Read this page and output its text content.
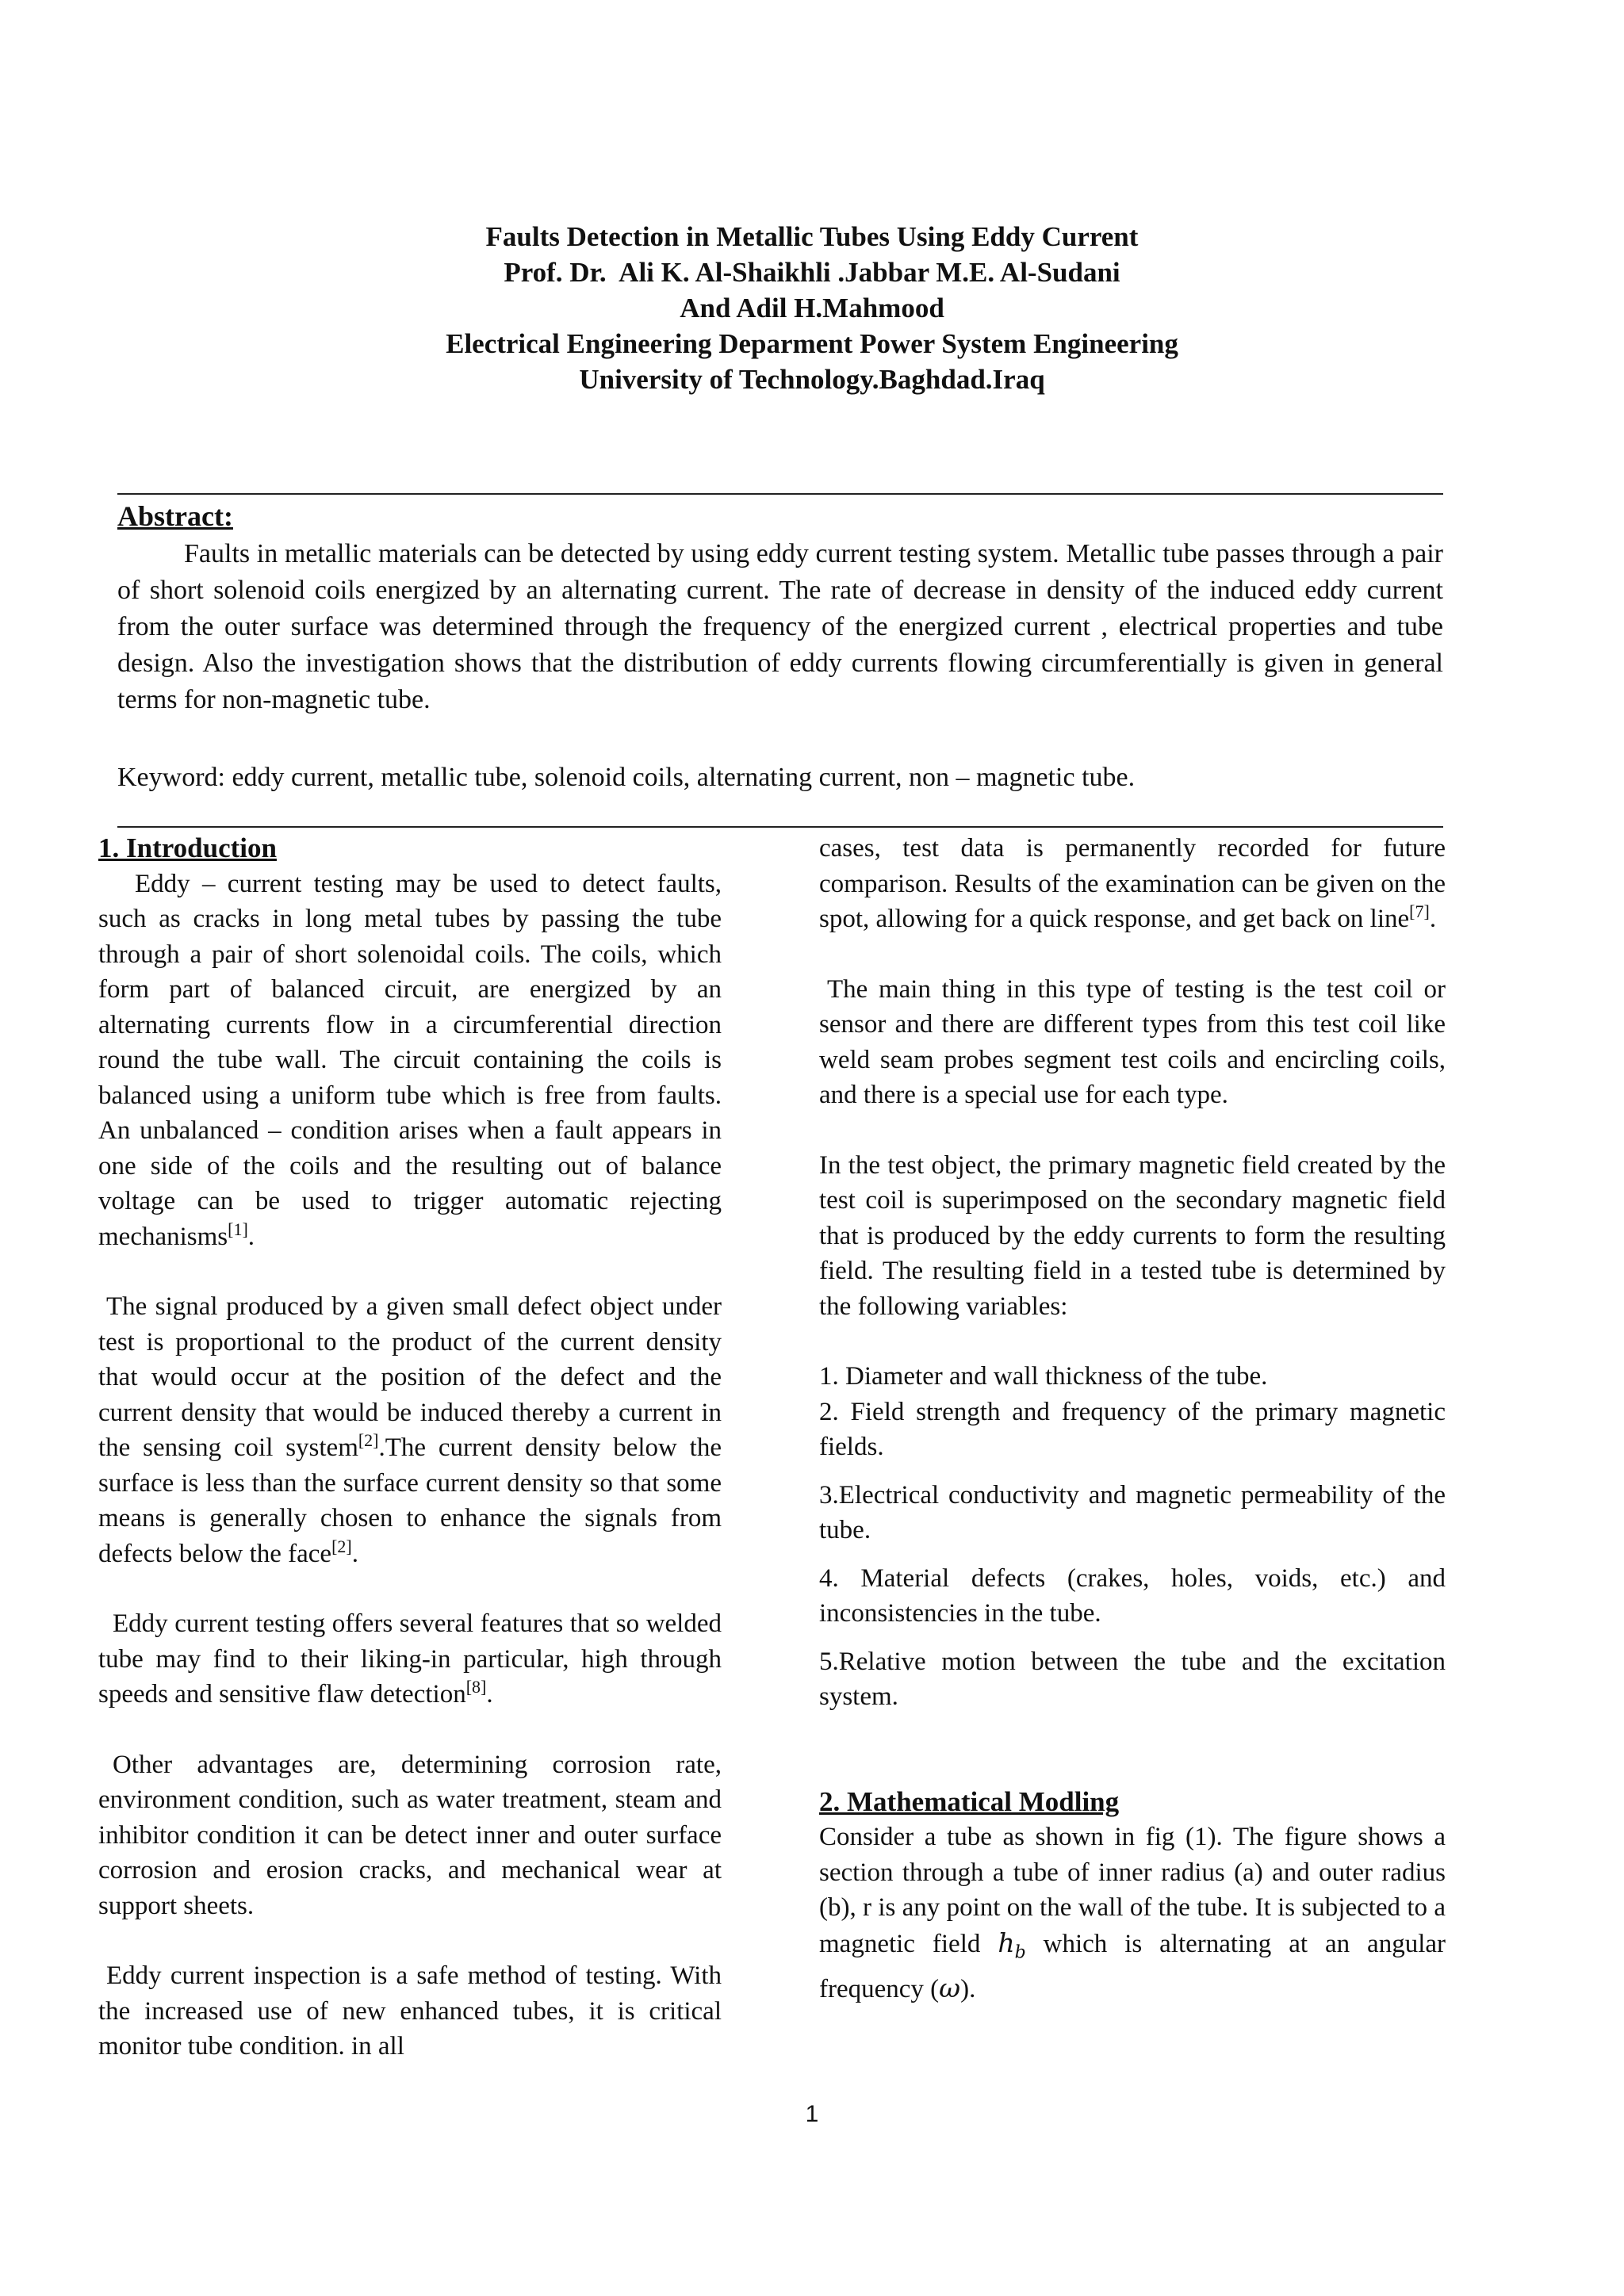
Faults Detection in Metallic Tubes Using Eddy Current
Prof. Dr.  Ali K. Al-Shaikhli .Jabbar M.E. Al-Sudani
And Adil H.Mahmood
Electrical Engineering Deparment Power System Engineering
University of Technology.Baghdad.Iraq
Abstract:
Faults in metallic materials can be detected by using eddy current testing system. Metallic tube passes through a pair of short solenoid coils energized by an alternating current. The rate of decrease in density of the induced eddy current from the outer surface was determined through the frequency of the energized current , electrical properties and tube design. Also the investigation shows that the distribution of eddy currents flowing circumferentially is given in general terms for non-magnetic tube.
Keyword: eddy current, metallic tube, solenoid coils, alternating current, non – magnetic tube.
1. Introduction

Eddy – current testing may be used to detect faults, such as cracks in long metal tubes by passing the tube through a pair of short solenoidal coils. The coils, which form part of balanced circuit, are energized by an alternating currents flow in a circumferential direction round the tube wall. The circuit containing the coils is balanced using a uniform tube which is free from faults. An unbalanced – condition arises when a fault appears in one side of the coils and the resulting out of balance voltage can be used to trigger automatic rejecting mechanisms[1].

The signal produced by a given small defect object under test is proportional to the product of the current density that would occur at the position of the defect and the current density that would be induced thereby a current in the sensing coil system[2].The current density below the surface is less than the surface current density so that some means is generally chosen to enhance the signals from defects below the face[2].

Eddy current testing offers several features that so welded tube may find to their liking-in particular, high through speeds and sensitive flaw detection[8].

Other advantages are, determining corrosion rate, environment condition, such as water treatment, steam and inhibitor condition it can be detect inner and outer surface corrosion and erosion cracks, and mechanical wear at support sheets.

Eddy current inspection is a safe method of testing. With the increased use of new enhanced tubes, it is critical monitor tube condition. in all

cases, test data is permanently recorded for future comparison. Results of the examination can be given on the spot, allowing for a quick response, and get back on line[7].

The main thing in this type of testing is the test coil or sensor and there are different types from this test coil like weld seam probes segment test coils and encircling coils, and there is a special use for each type.

In the test object, the primary magnetic field created by the test coil is superimposed on the secondary magnetic field that is produced by the eddy currents to form the resulting field. The resulting field in a tested tube is determined by the following variables:

1. Diameter and wall thickness of the tube.

2. Field strength and frequency of the primary magnetic fields.

3.Electrical conductivity and magnetic permeability of the tube.

4. Material defects (crakes, holes, voids, etc.) and inconsistencies in the tube.

5.Relative motion between the tube and the excitation system.

2. Mathematical Modling

Consider a tube as shown in fig (1). The figure shows a section through a tube of inner radius (a) and outer radius (b), r is any point on the wall of the tube. It is subjected to a magnetic field $h_b$ which is alternating at an angular frequency (ω).

1
